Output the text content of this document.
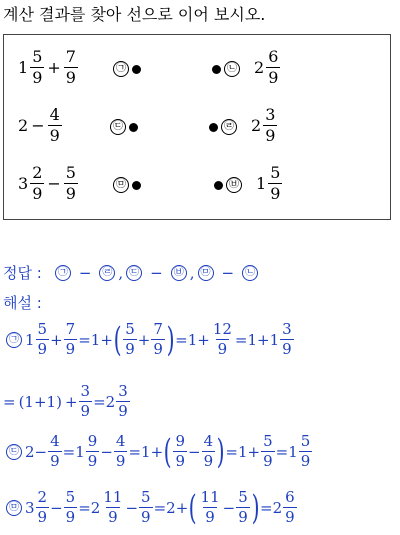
계산 결과를 찾아 선으로 이어 보시오.
$1 \frac{5}{9} + \frac{7}{9}$	㉠	㉡ $2 \frac{6}{9}$
$2 - \frac{4}{9}$	㉢	㉣ $2 \frac{3}{9}$
$3 \frac{2}{9} - \frac{5}{9}$	㉤	㉥ $1 \frac{5}{9}$
정답 :	㉠ −	㉣ , ㉢ −	㉥ , ㉤ −	㉡
해설 :
㉠ $1 \frac{5}{9} + \frac{7}{9} = 1$ + ( $\frac{5}{9} + \frac{7}{9}$ ) = $1 + \frac{12}{9} = 1 + 1 \frac{3}{9}$
= $(1+1) + \frac{3}{9} = 2 \frac{3}{9}$
㉢ $2 - \frac{4}{9} = 1 \frac{9}{9} - \frac{4}{9} = 1$ + ( $\frac{9}{9} - \frac{4}{9}$ ) = $1 + \frac{5}{9} = 1 \frac{5}{9}$
㉤ $3 \frac{2}{9} - \frac{5}{9} = 2 \frac{11}{9} - \frac{5}{9} = 2$ + ( $\frac{11}{9} - \frac{5}{9}$ ) = $2 \frac{6}{9}$
